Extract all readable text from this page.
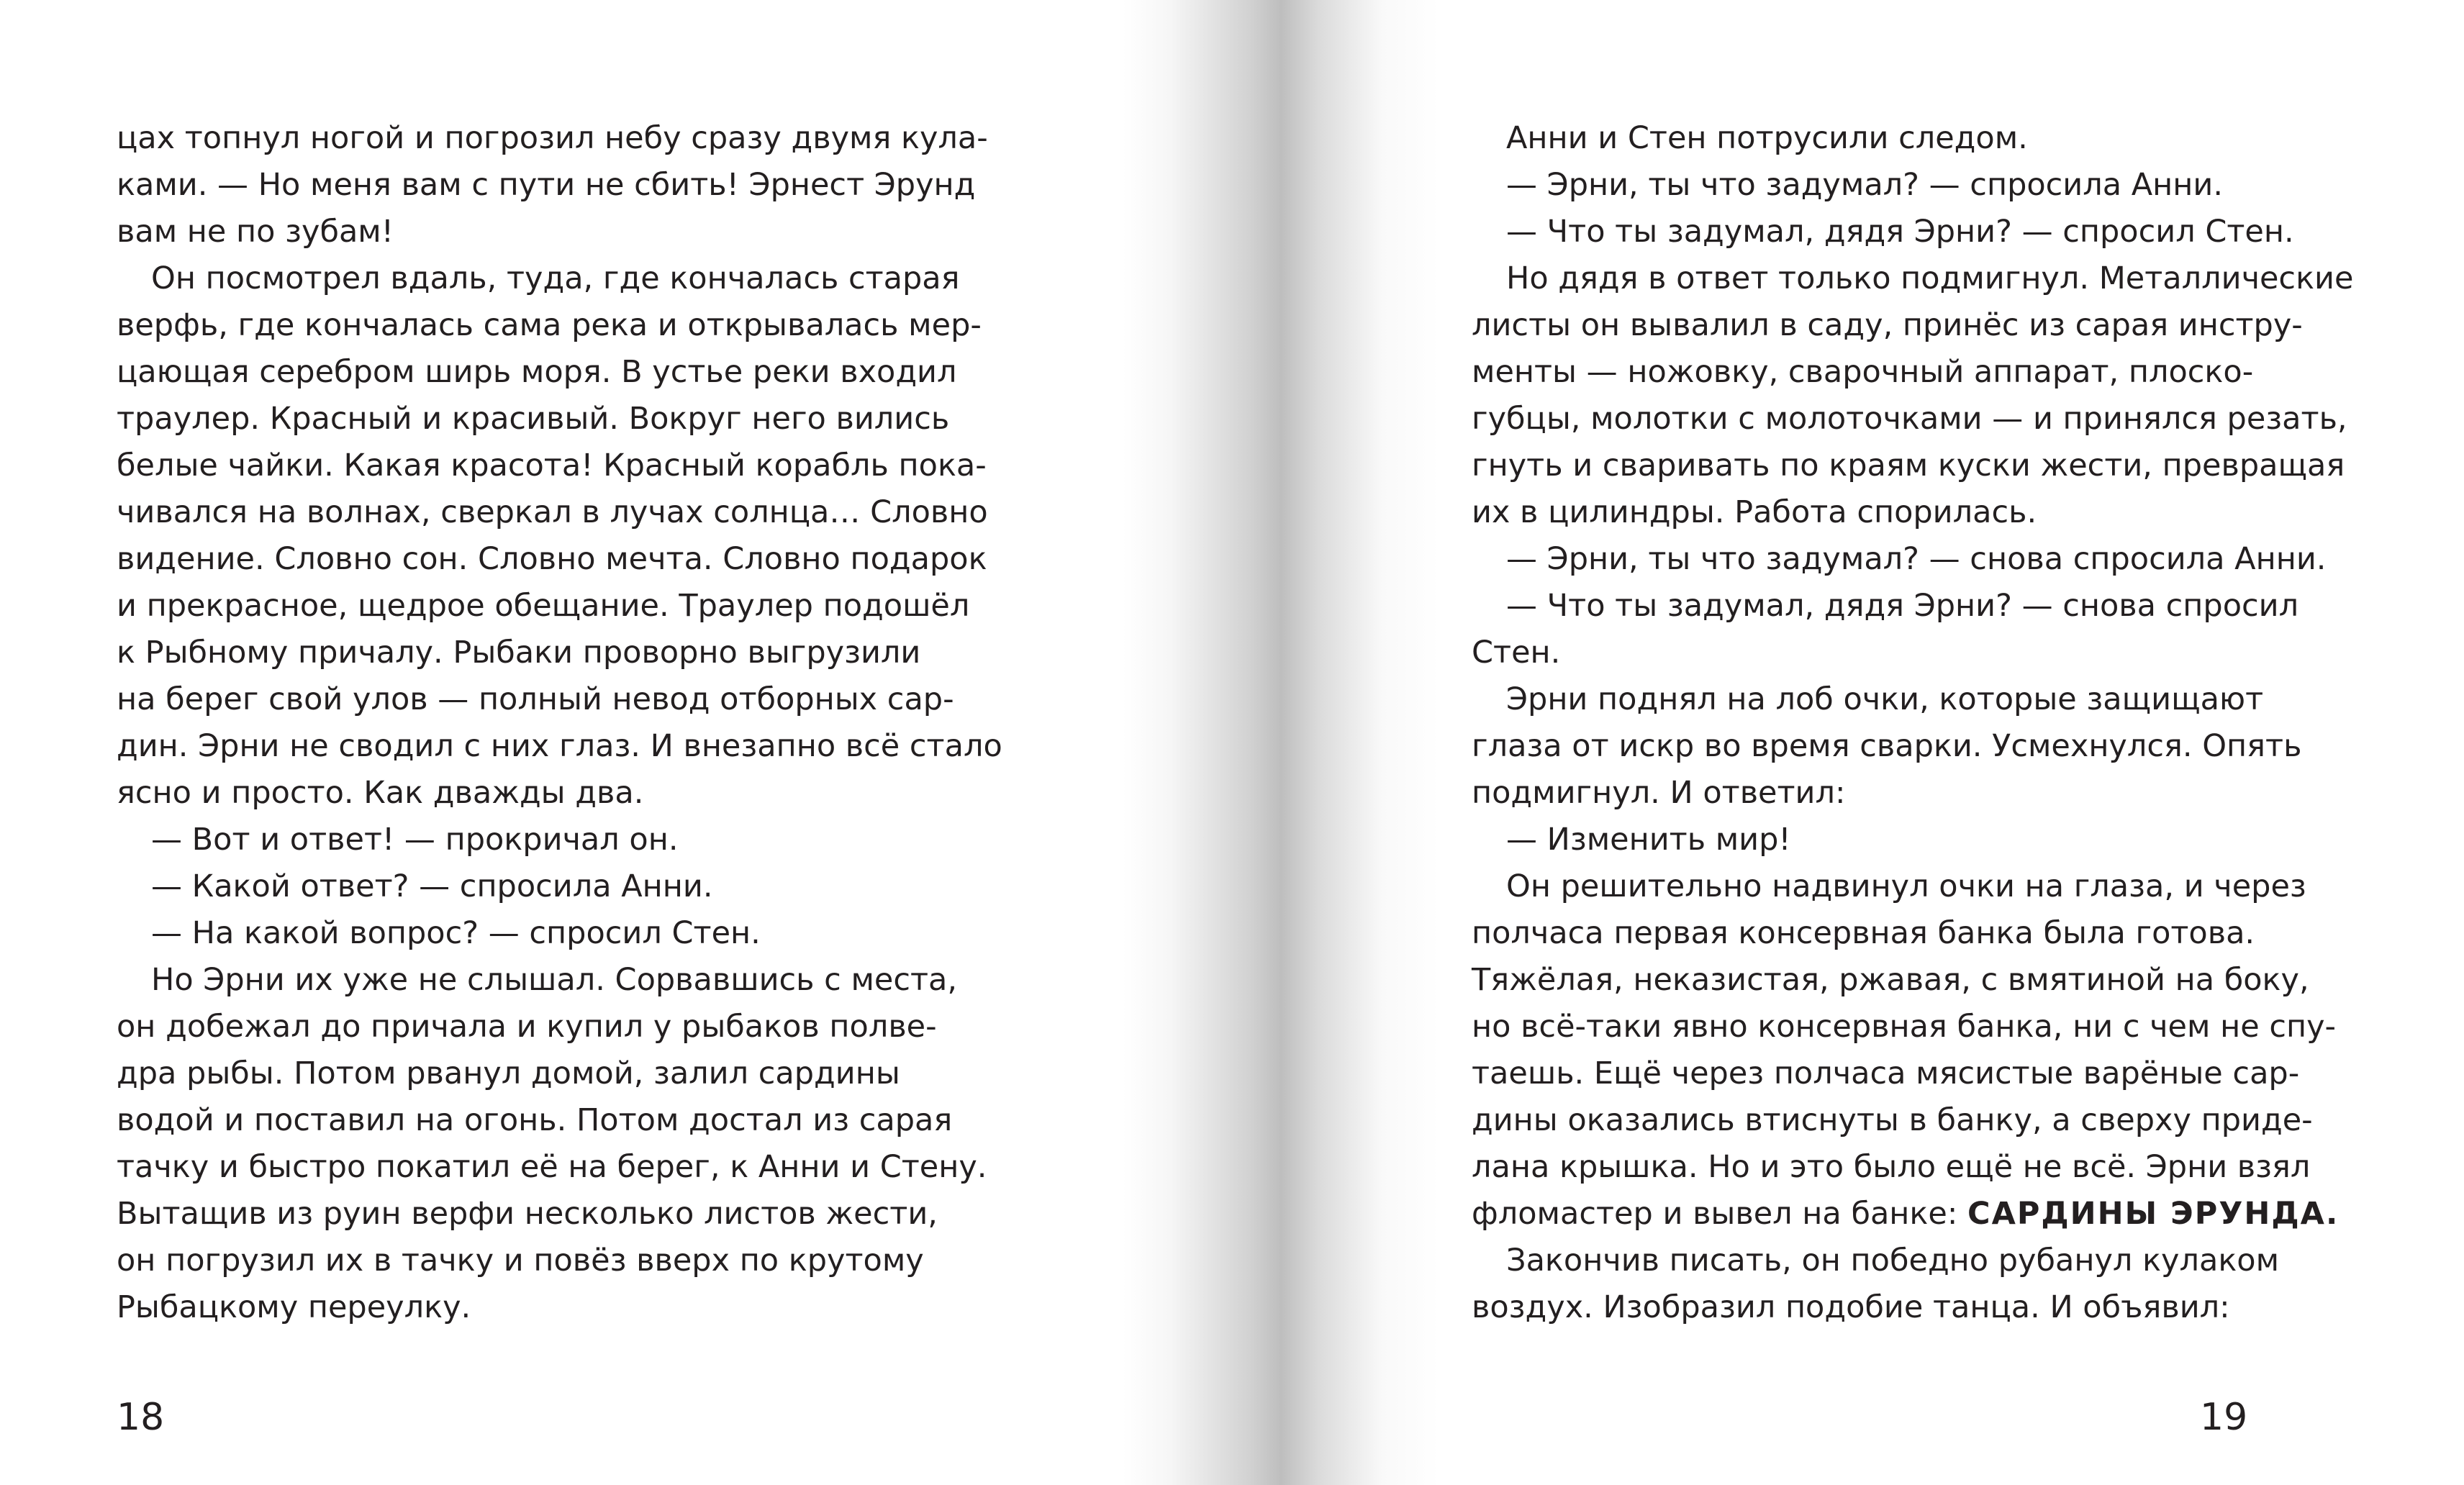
цах топнул ногой и погрозил небу сразу двумя кула-
ками. — Но меня вам с пути не сбить! Эрнест Эрунд
вам не по зубам!
Он посмотрел вдаль, туда, где кончалась старая
верфь, где кончалась сама река и открывалась мер-
цающая серебром ширь моря. В устье реки входил
траулер. Красный и красивый. Вокруг него вились
белые чайки. Какая красота! Красный корабль пока-
чивался на волнах, сверкал в лучах солнца… Словно
видение. Словно сон. Словно мечта. Словно подарок
и прекрасное, щедрое обещание. Траулер подошёл
к Рыбному причалу. Рыбаки проворно выгрузили
на берег свой улов — полный невод отборных сар-
дин. Эрни не сводил с них глаз. И внезапно всё стало
ясно и просто. Как дважды два.
— Вот и ответ! — прокричал он.
— Какой ответ? — спросила Анни.
— На какой вопрос? — спросил Стен.
Но Эрни их уже не слышал. Сорвавшись с места,
он добежал до причала и купил у рыбаков полве-
дра рыбы. Потом рванул домой, залил сардины
водой и поставил на огонь. Потом достал из сарая
тачку и быстро покатил её на берег, к Анни и Стену.
Вытащив из руин верфи несколько листов жести,
он погрузил их в тачку и повёз вверх по крутому
Рыбацкому переулку.
18
Анни и Стен потрусили следом.
— Эрни, ты что задумал? — спросила Анни.
— Что ты задумал, дядя Эрни? — спросил Стен.
Но дядя в ответ только подмигнул. Металлические
листы он вывалил в саду, принёс из сарая инстру-
менты — ножовку, сварочный аппарат, плоско-
губцы, молотки с молоточками — и принялся резать,
гнуть и сваривать по краям куски жести, превращая
их в цилиндры. Работа спорилась.
— Эрни, ты что задумал? — снова спросила Анни.
— Что ты задумал, дядя Эрни? — снова спросил
Стен.
Эрни поднял на лоб очки, которые защищают
глаза от искр во время сварки. Усмехнулся. Опять
подмигнул. И ответил:
— Изменить мир!
Он решительно надвинул очки на глаза, и через
полчаса первая консервная банка была готова.
Тяжёлая, неказистая, ржавая, с вмятиной на боку,
но всё-таки явно консервная банка, ни с чем не спу-
таешь. Ещё через полчаса мясистые варёные сар-
дины оказались втиснуты в банку, а сверху приде-
лана крышка. Но и это было ещё не всё. Эрни взял
фломастер и вывел на банке: САРДИНЫ ЭРУНДА.
Закончив писать, он победно рубанул кулаком
воздух. Изобразил подобие танца. И объявил:
19
